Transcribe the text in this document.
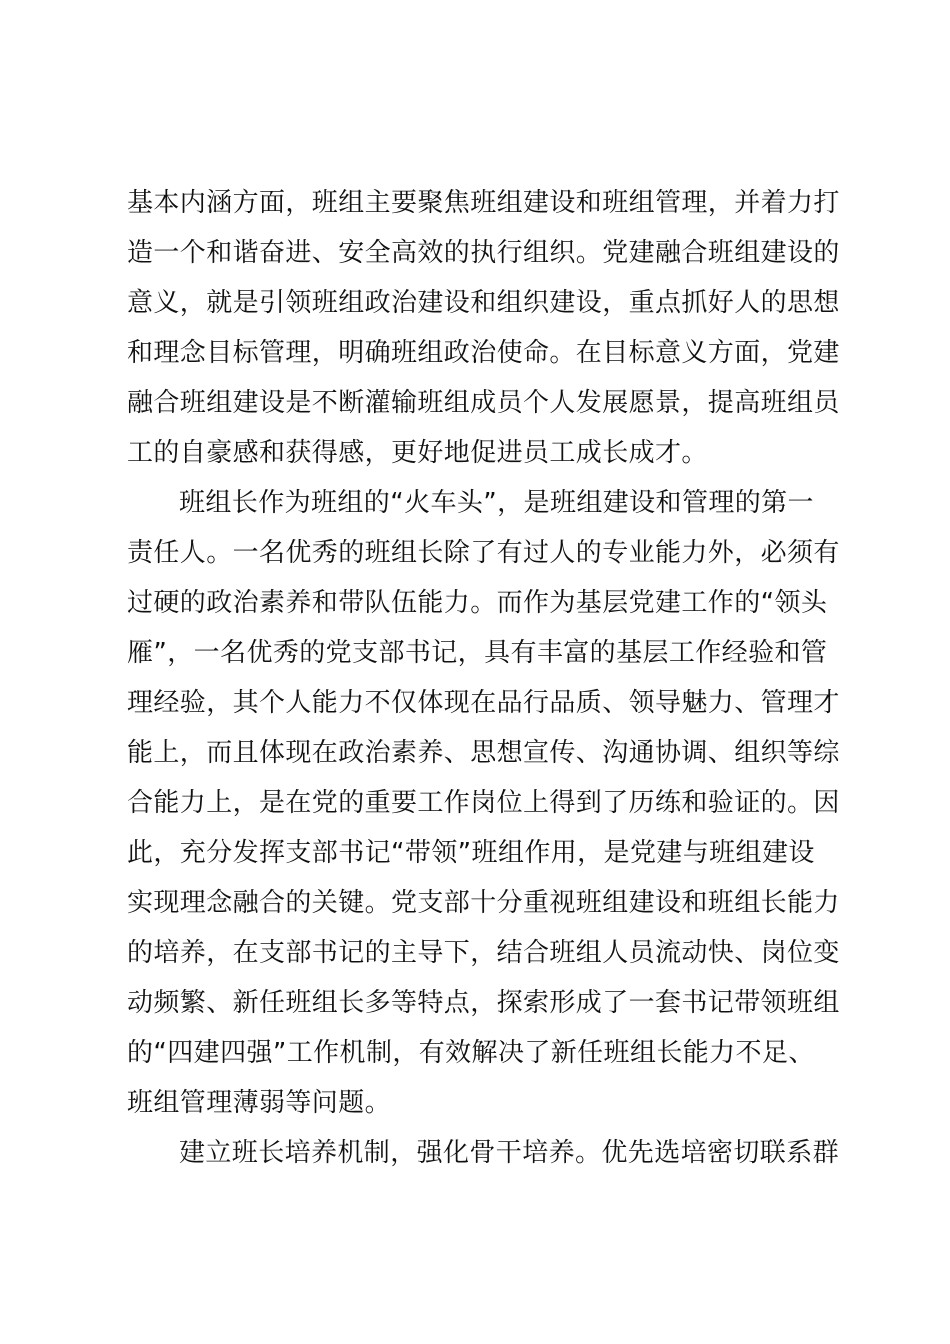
基本内涵方面，班组主要聚焦班组建设和班组管理，并着力打
造一个和谐奋进、安全高效的执行组织。党建融合班组建设的
意义，就是引领班组政治建设和组织建设，重点抓好人的思想
和理念目标管理，明确班组政治使命。在目标意义方面，党建
融合班组建设是不断灌输班组成员个人发展愿景，提高班组员
工的自豪感和获得感，更好地促进员工成长成才。
班组长作为班组的“火车头”，是班组建设和管理的第一
责任人。一名优秀的班组长除了有过人的专业能力外，必须有
过硬的政治素养和带队伍能力。而作为基层党建工作的“领头
雁”，一名优秀的党支部书记，具有丰富的基层工作经验和管
理经验，其个人能力不仅体现在品行品质、领导魅力、管理才
能上，而且体现在政治素养、思想宣传、沟通协调、组织等综
合能力上，是在党的重要工作岗位上得到了历练和验证的。因
此，充分发挥支部书记“带领”班组作用，是党建与班组建设
实现理念融合的关键。党支部十分重视班组建设和班组长能力
的培养，在支部书记的主导下，结合班组人员流动快、岗位变
动频繁、新任班组长多等特点，探索形成了一套书记带领班组
的“四建四强”工作机制，有效解决了新任班组长能力不足、
班组管理薄弱等问题。
建立班长培养机制，强化骨干培养。优先选培密切联系群
